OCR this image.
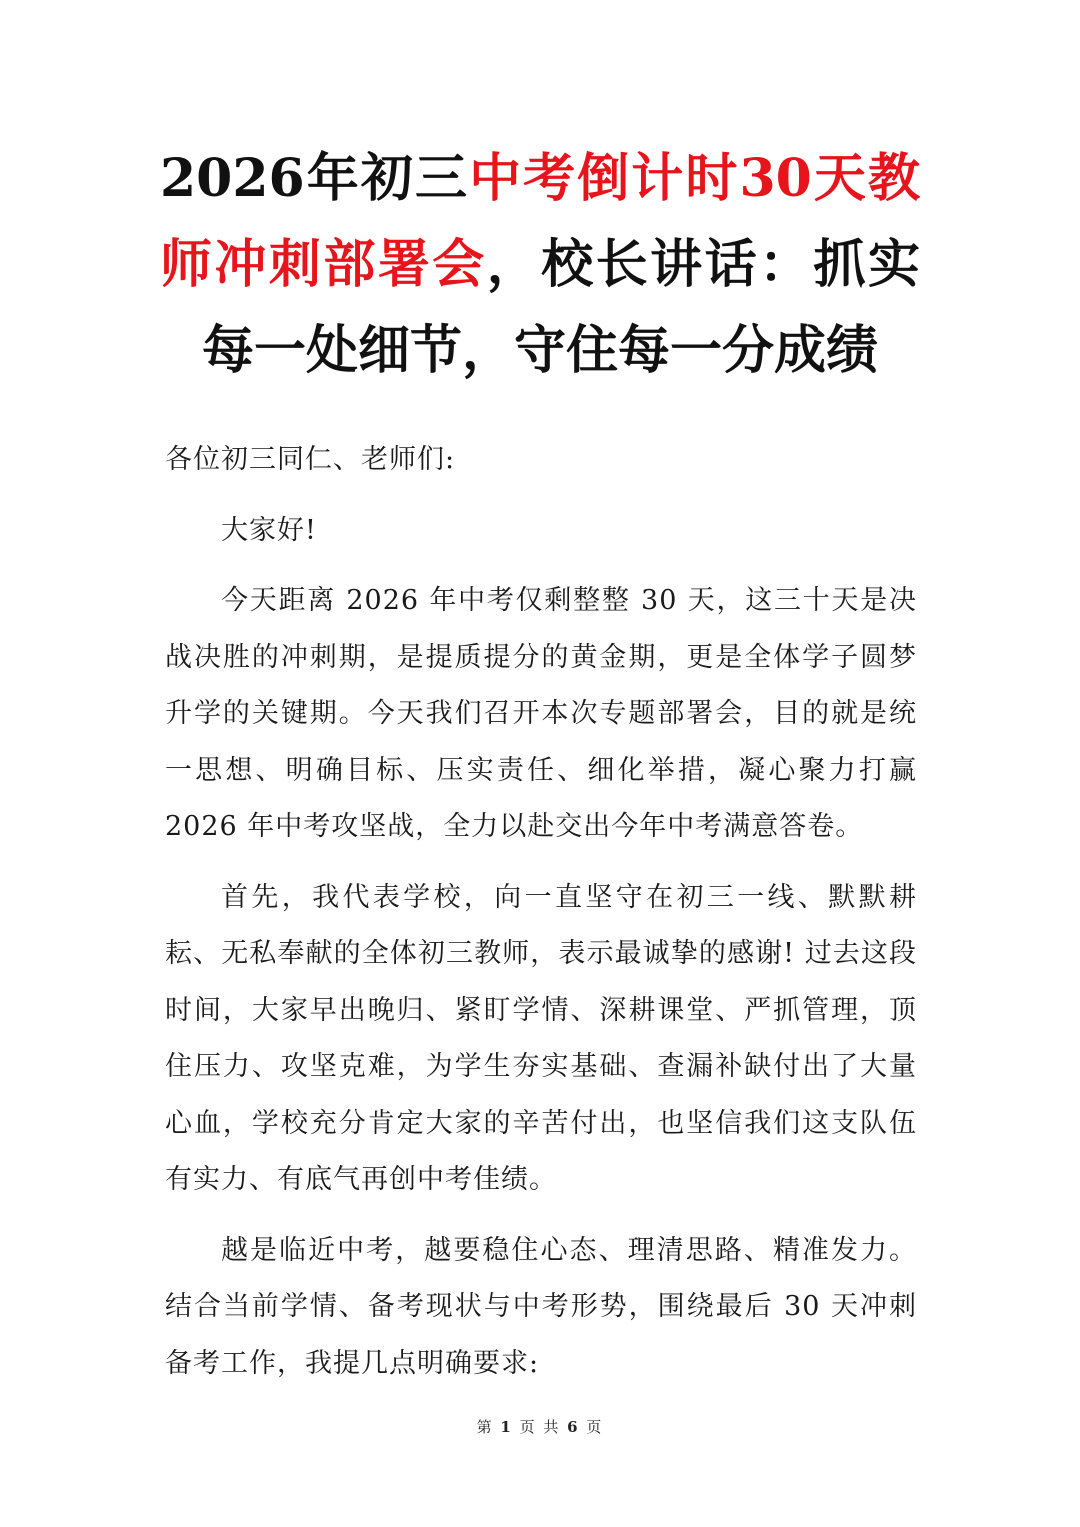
2026年初三中考倒计时30天教师冲刺部署会，校长讲话：抓实每一处细节，守住每一分成绩

各位初三同仁、老师们:

大家好!

今天距离 2026 年中考仅剩整整 30 天，这三十天是决战决胜的冲刺期，是提质提分的黄金期，更是全体学子圆梦升学的关键期。今天我们召开本次专题部署会，目的就是统一思想、明确目标、压实责任、细化举措，凝心聚力打赢 2026 年中考攻坚战，全力以赴交出今年中考满意答卷。

首先，我代表学校，向一直坚守在初三一线、默默耕耘、无私奉献的全体初三教师，表示最诚挚的感谢! 过去这段时间，大家早出晚归、紧盯学情、深耕课堂、严抓管理，顶住压力、攻坚克难，为学生夯实基础、查漏补缺付出了大量心血，学校充分肯定大家的辛苦付出，也坚信我们这支队伍有实力、有底气再创中考佳绩。

越是临近中考，越要稳住心态、理清思路、精准发力。结合当前学情、备考现状与中考形势，围绕最后 30 天冲刺备考工作，我提几点明确要求:

第 1 页 共 6 页
